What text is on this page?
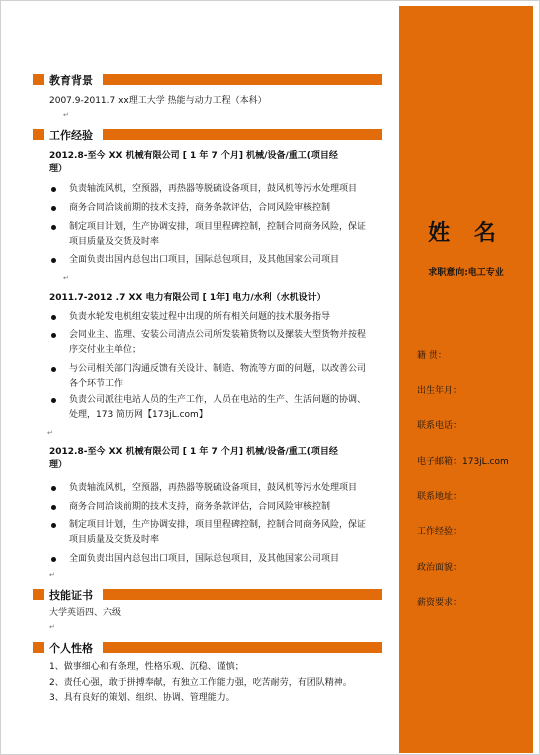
姓 名
求职意向:电工专业
籍 贯：
出生年月：
联系电话：
电子邮箱：173jL.com
联系地址：
工作经验：
政治面貌：
薪资要求：
教育背景
2007.9-2011.7 xx理工大学 热能与动力工程（本科）
↵
工作经验
2012.8-至今 XX 机械有限公司 [ 1 年 7 个月] 机械/设备/重工(项目经
理）
负责轴流风机，空预器，再热器等脱硫设备项目，鼓风机等污水处理项目
商务合同洽谈前期的技术支持，商务条款评估，合同风险审核控制
制定项目计划，生产协调安排，项目里程碑控制，控制合同商务风险，保证
项目质量及交货及时率
全面负责出国内总包出口项目，国际总包项目，及其他国家公司项目
↵
2011.7-2012 .7 XX 电力有限公司 [ 1年] 电力/水利（水机设计）
负责水轮发电机组安装过程中出现的所有相关问题的技术服务指导
会同业主、监理、安装公司清点公司所发装箱货物以及摞装大型货物并按程
序交付业主单位；
与公司相关部门沟通反馈有关设计、制造、物流等方面的问题，以改善公司
各个环节工作
负责公司派往电站人员的生产工作，人员在电站的生产、生活问题的协调、
处理，173 简历网【173jL.com】
↵
2012.8-至今 XX 机械有限公司 [ 1 年 7 个月] 机械/设备/重工(项目经
理）
负责轴流风机，空预器，再热器等脱硫设备项目，鼓风机等污水处理项目
商务合同洽谈前期的技术支持，商务条款评估，合同风险审核控制
制定项目计划，生产协调安排，项目里程碑控制，控制合同商务风险，保证
项目质量及交货及时率
全面负责出国内总包出口项目，国际总包项目，及其他国家公司项目
↵
技能证书
大学英语四、六级
↵
个人性格
1、做事细心和有条理，性格乐观、沉稳、谨慎；
2、责任心强，敢于拼搏奉献，有独立工作能力强，吃苦耐劳，有团队精神。
3、具有良好的策划、组织、协调、管理能力。
